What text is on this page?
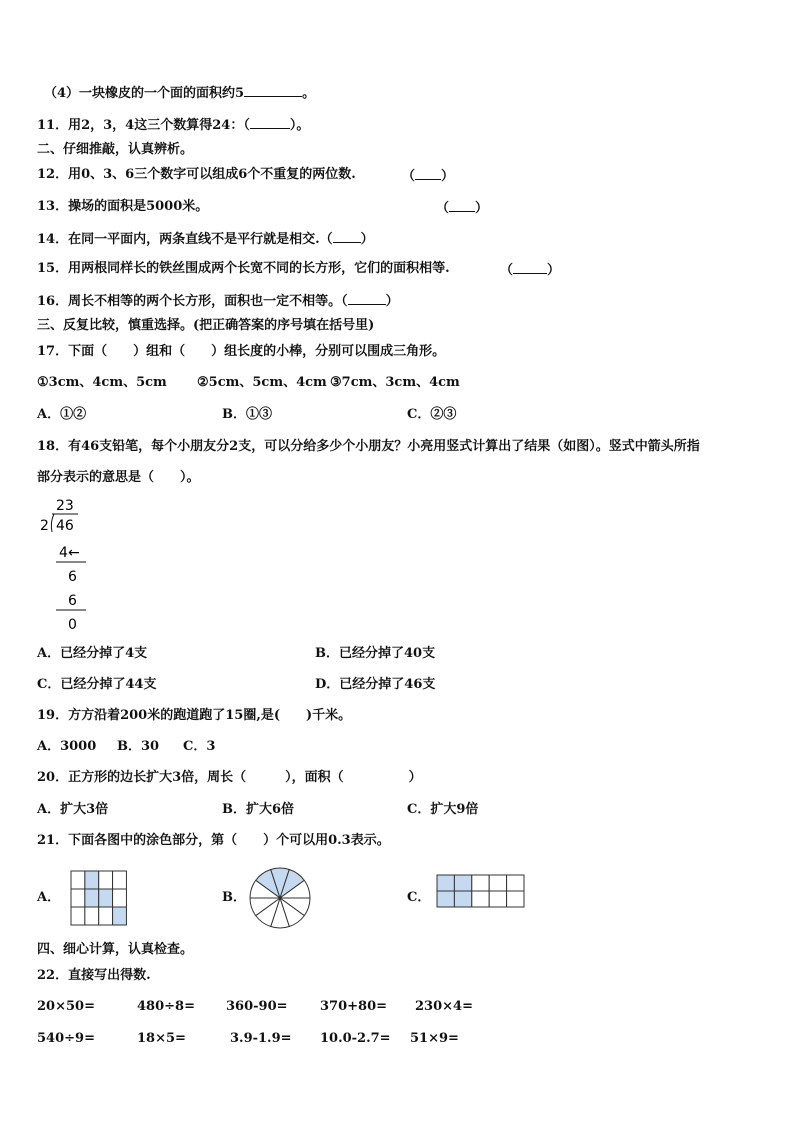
（4）一块橡皮的一个面的面积约5	。
11．用2，3，4这三个数算得24：（	）。
二、仔细推敲，认真辨析。
12．用0、3、6三个数字可以组成6个不重复的两位数.	（ ）
13．操场的面积是5000米。	（ ）
14．在同一平面内，两条直线不是平行就是相交.（ ）
15．用两根同样长的铁丝围成两个长宽不同的长方形，它们的面积相等.	（	）
16．周长不相等的两个长方形，面积也一定不相等。（	）
三、反复比较，慎重选择。(把正确答案的序号填在括号里)
17．下面（　　）组和（　　）组长度的小棒，分别可以围成三角形。
①3cm、4cm、5cm ②5cm、5cm、4cm ③7cm、3cm、4cm
A．①②	B．①③	C．②③
18．有46支铅笔，每个小朋友分2支，可以分给多少个小朋友？小亮用竖式计算出了结果（如图）。竖式中箭头所指
部分表示的意思是（　　）。
23
2 46
4 ←
6
6
0
A．已经分掉了4支	B．已经分掉了40支
C．已经分掉了44支	D．已经分掉了46支
19．方方沿着200米的跑道跑了15圈,是(　　)千米。
A．3000 B．30 C．3
20．正方形的边长扩大3倍，周长（　　　），面积（　　　　　）
A．扩大3倍	B．扩大6倍	C．扩大9倍
21．下面各图中的涂色部分，第（　　）个可以用0.3表示。
A．	B．	C．
四、细心计算，认真检查。
22．直接写出得数.
20×50=	480÷8= 360-90= 370+80= 230×4=
540÷9=	18×5=	3.9-1.9= 10.0-2.7= 51×9=
